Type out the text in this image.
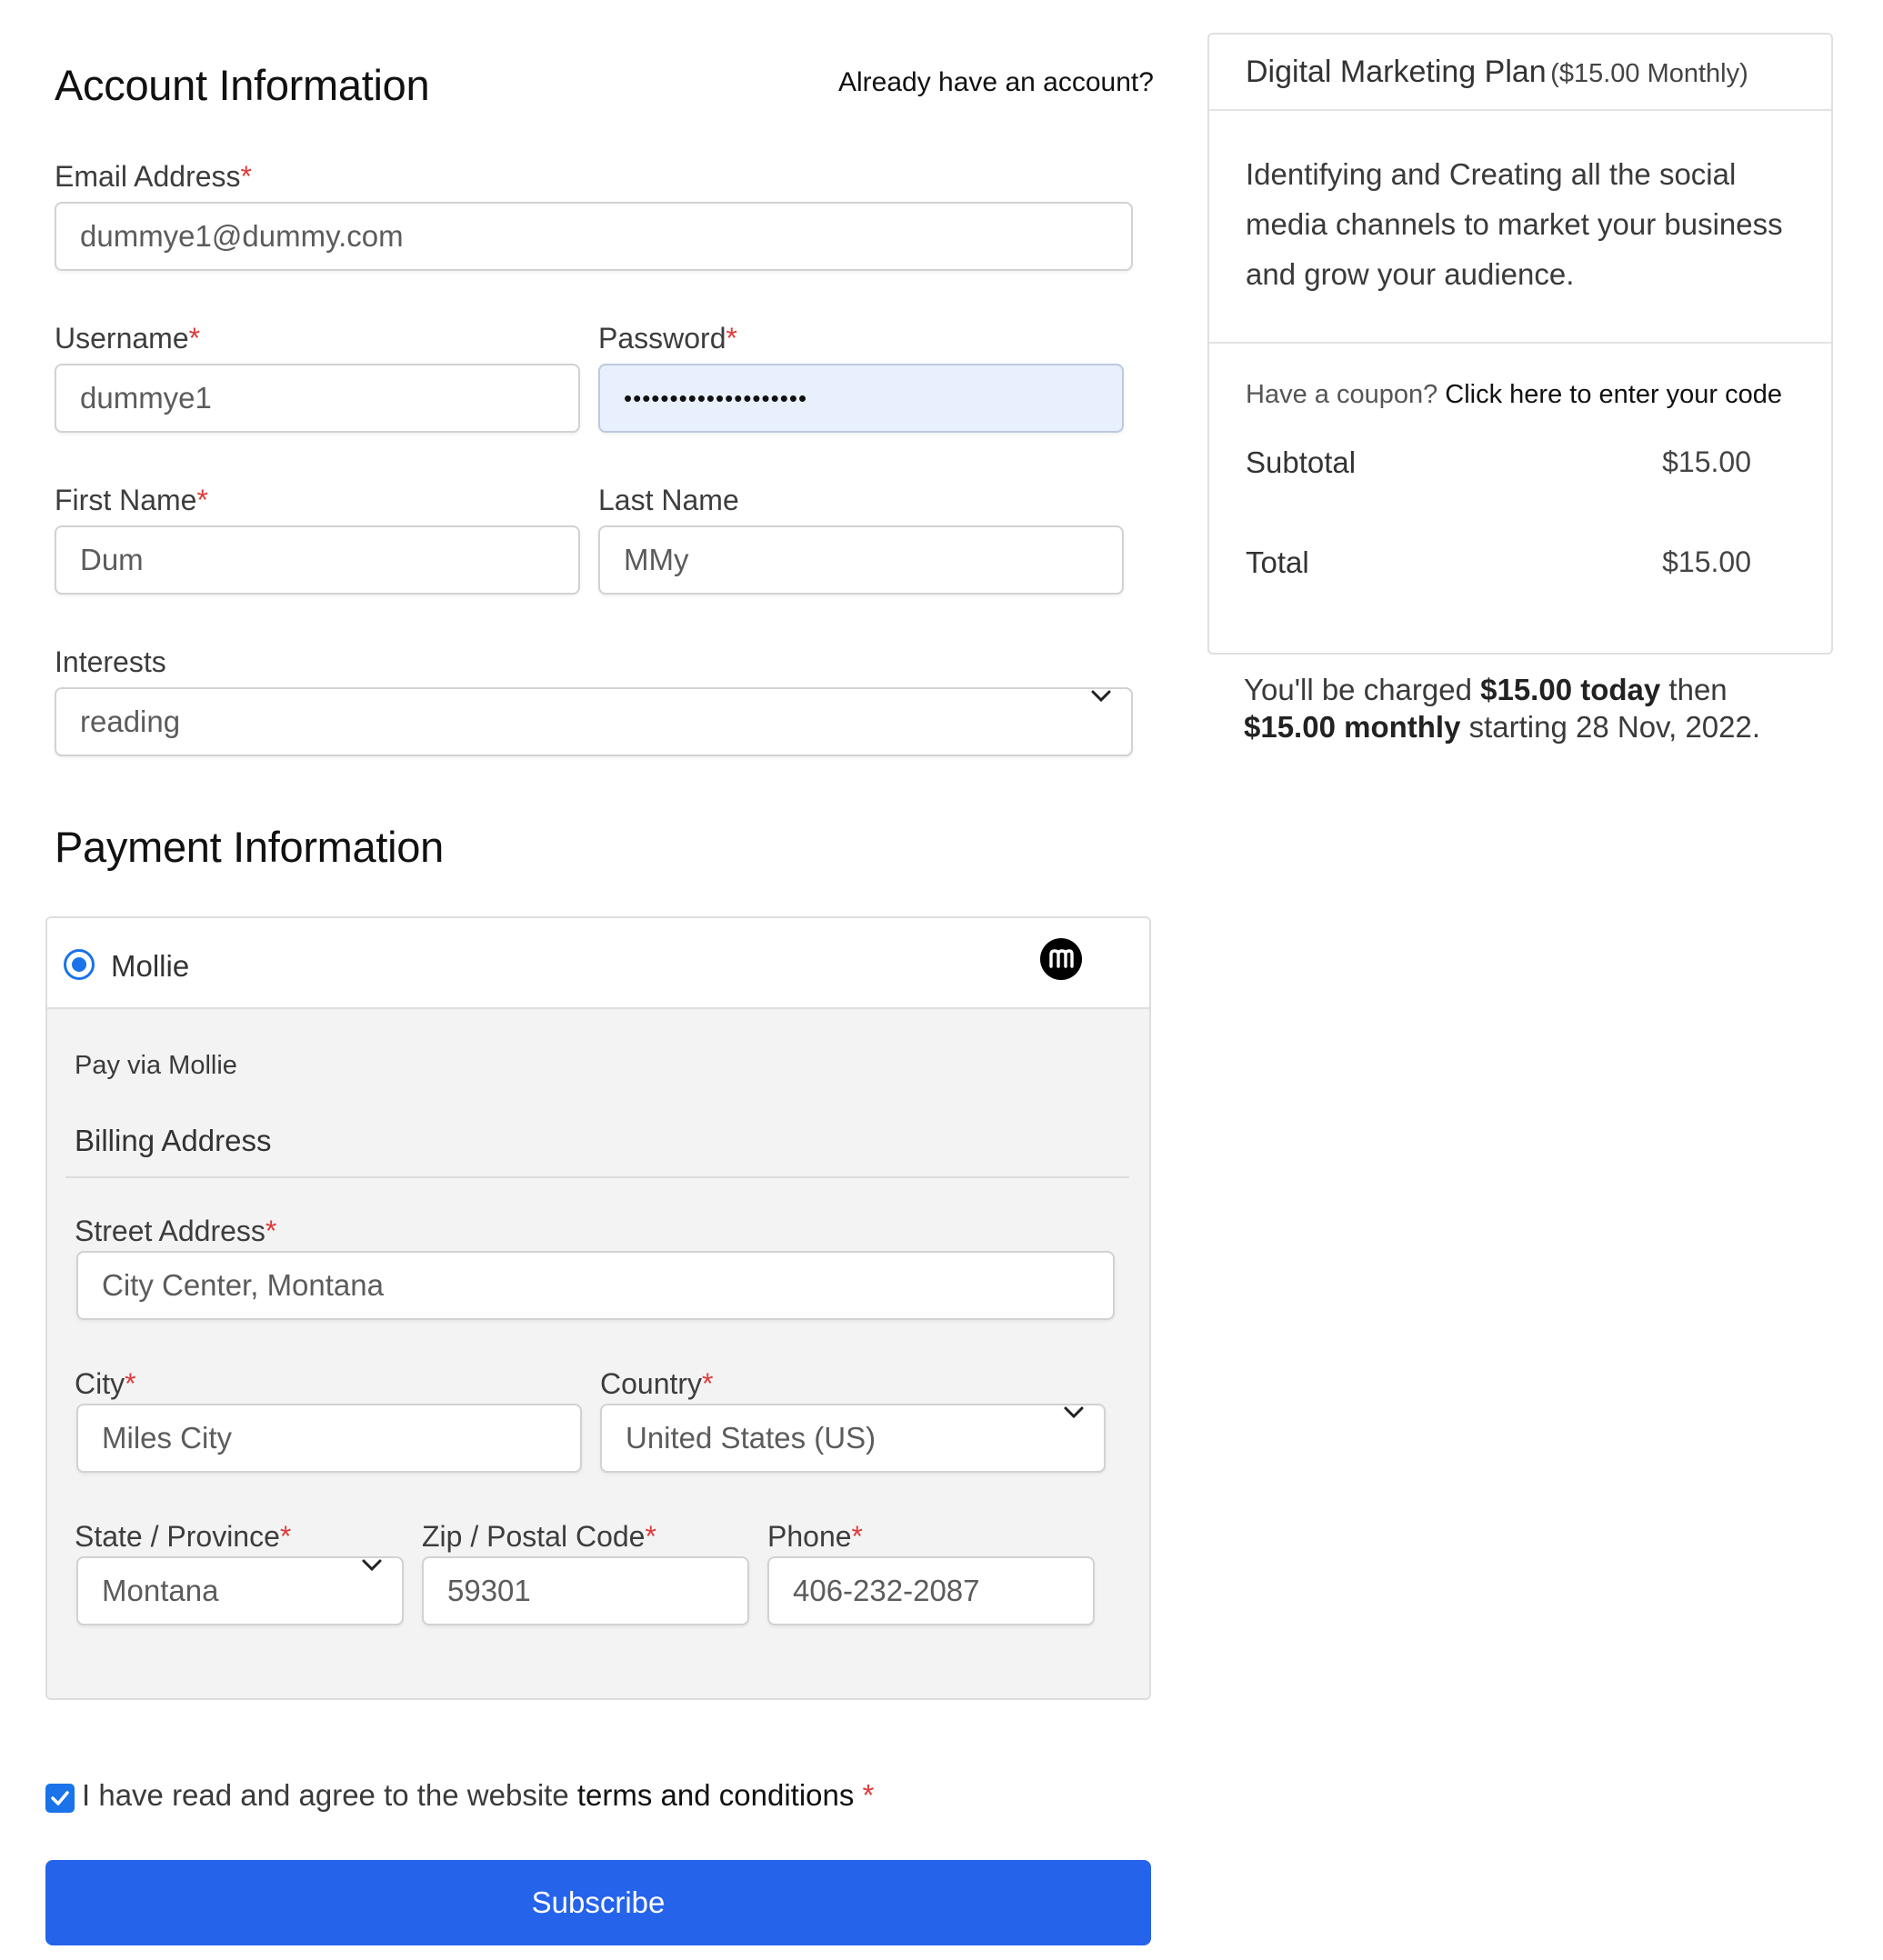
Account Information	Already have an account?
Email Address*
dummye1@dummy.com
Username*
dummye1
Password*
••••••••••••••••••••
First Name*
Dum
Last Name
MMy
Interests
reading
Payment Information
Mollie
Pay via Mollie
Billing Address
Street Address*
City Center, Montana
City*
Miles City
Country*
United States (US)
State / Province*
Montana
Zip / Postal Code*
59301
Phone*
406-232-2087
I have read and agree to the website terms and conditions *
Subscribe
Digital Marketing Plan ($15.00 Monthly)
Identifying and Creating all the social media channels to market your business and grow your audience.
Have a coupon? Click here to enter your code
Subtotal	$15.00
Total	$15.00
You'll be charged $15.00 today then $15.00 monthly starting 28 Nov, 2022.
